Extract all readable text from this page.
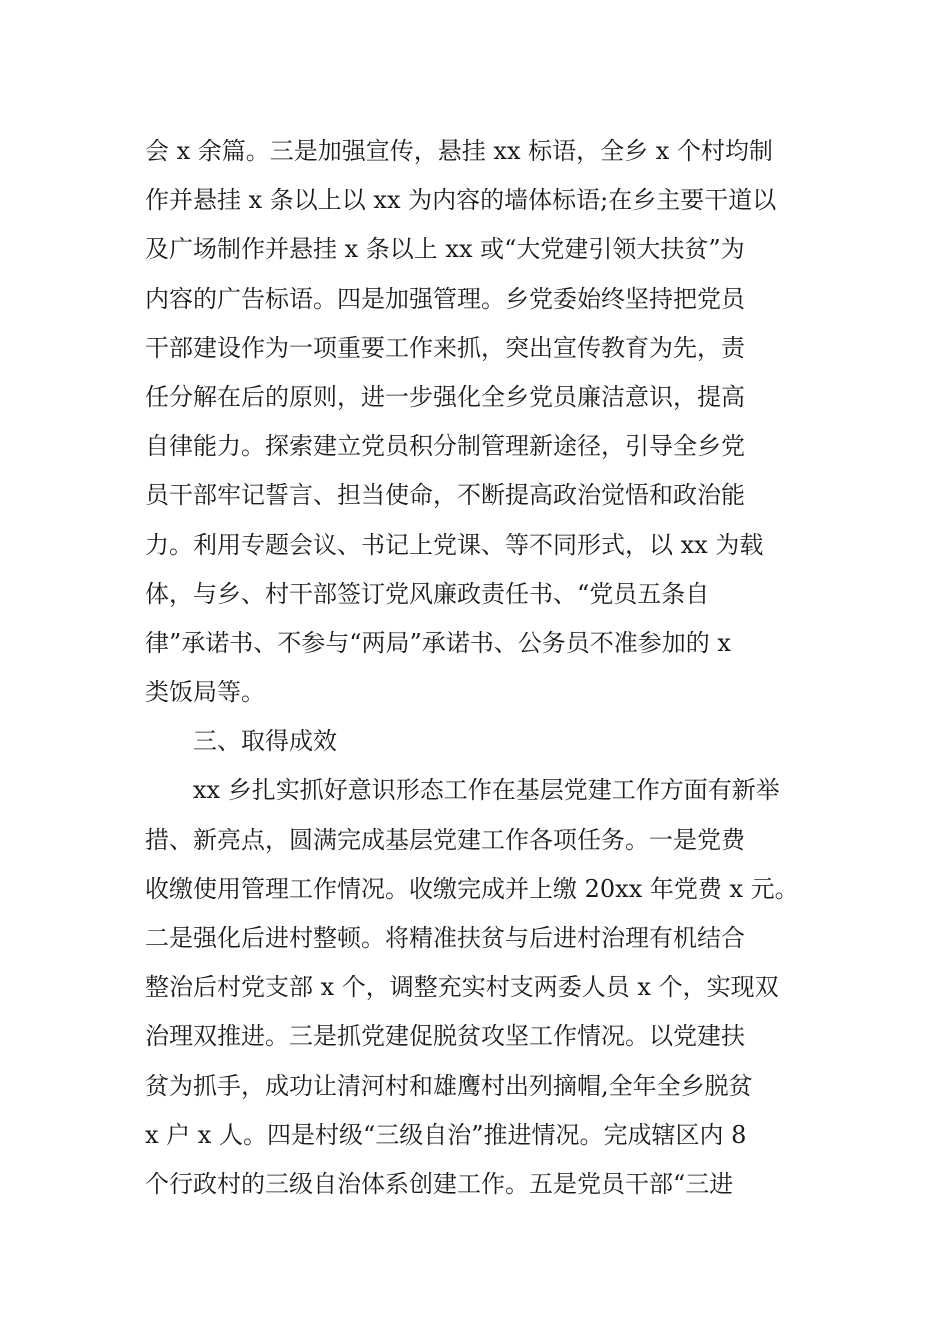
会 x 余篇。三是加强宣传，悬挂 xx 标语，全乡 x 个村均制
作并悬挂 x 条以上以 xx 为内容的墙体标语;在乡主要干道以
及广场制作并悬挂 x 条以上 xx 或“大党建引领大扶贫”为
内容的广告标语。四是加强管理。乡党委始终坚持把党员
干部建设作为一项重要工作来抓，突出宣传教育为先，责
任分解在后的原则，进一步强化全乡党员廉洁意识，提高
自律能力。探索建立党员积分制管理新途径，引导全乡党
员干部牢记誓言、担当使命，不断提高政治觉悟和政治能
力。利用专题会议、书记上党课、等不同形式，以 xx 为载
体，与乡、村干部签订党风廉政责任书、“党员五条自
律”承诺书、不参与“两局”承诺书、公务员不准参加的 x
类饭局等。
三、取得成效
xx 乡扎实抓好意识形态工作在基层党建工作方面有新举
措、新亮点，圆满完成基层党建工作各项任务。一是党费
收缴使用管理工作情况。收缴完成并上缴 20xx 年党费 x 元。
二是强化后进村整顿。将精准扶贫与后进村治理有机结合
整治后村党支部 x 个，调整充实村支两委人员 x 个，实现双
治理双推进。三是抓党建促脱贫攻坚工作情况。以党建扶
贫为抓手，成功让清河村和雄鹰村出列摘帽,全年全乡脱贫
x 户 x 人。四是村级“三级自治”推进情况。完成辖区内 8
个行政村的三级自治体系创建工作。五是党员干部“三进
